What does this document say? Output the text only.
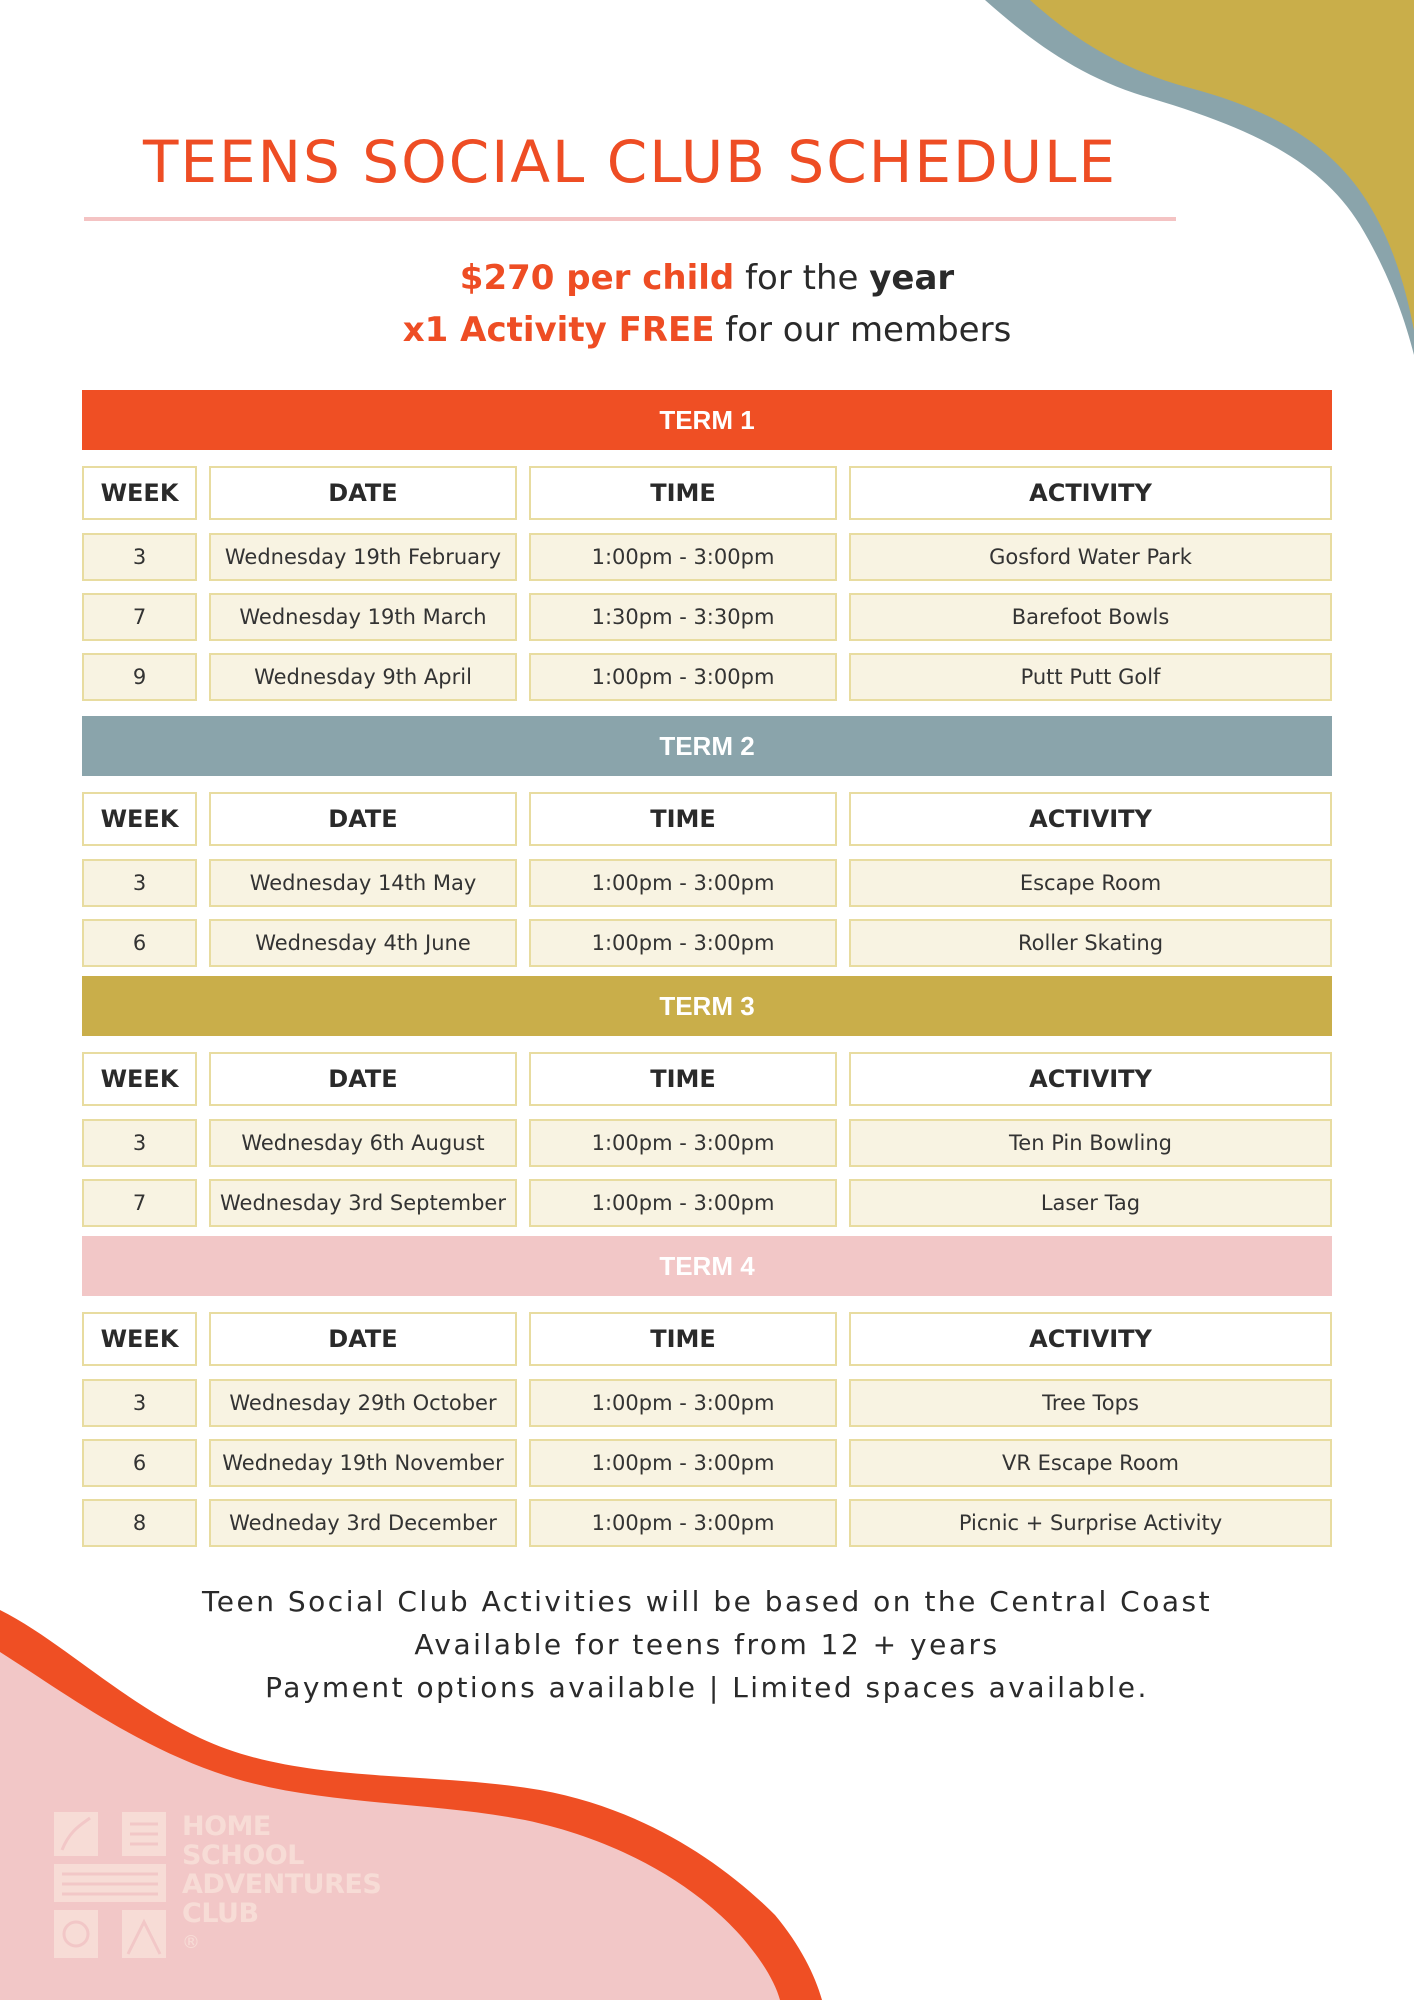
TEENS SOCIAL CLUB SCHEDULE
$270 per child for the year
x1 Activity FREE for our members
TERM 1
WEEK	DATE	TIME	ACTIVITY
3	Wednesday 19th February	1:00pm - 3:00pm	Gosford Water Park
7	Wednesday 19th March	1:30pm - 3:30pm	Barefoot Bowls
9	Wednesday 9th April	1:00pm - 3:00pm	Putt Putt Golf
TERM 2
WEEK	DATE	TIME	ACTIVITY
3	Wednesday 14th May	1:00pm - 3:00pm	Escape Room
6	Wednesday 4th June	1:00pm - 3:00pm	Roller Skating
TERM 3
WEEK	DATE	TIME	ACTIVITY
3	Wednesday 6th August	1:00pm - 3:00pm	Ten Pin Bowling
7	Wednesday 3rd September	1:00pm - 3:00pm	Laser Tag
TERM 4
WEEK	DATE	TIME	ACTIVITY
3	Wednesday 29th October	1:00pm - 3:00pm	Tree Tops
6	Wedneday 19th November	1:00pm - 3:00pm	VR Escape Room
8	Wedneday 3rd December	1:00pm - 3:00pm	Picnic + Surprise Activity
Teen Social Club Activities will be based on the Central Coast
Available for teens from 12 + years
Payment options available | Limited spaces available.
HOME
SCHOOL
ADVENTURES
CLUB
®
